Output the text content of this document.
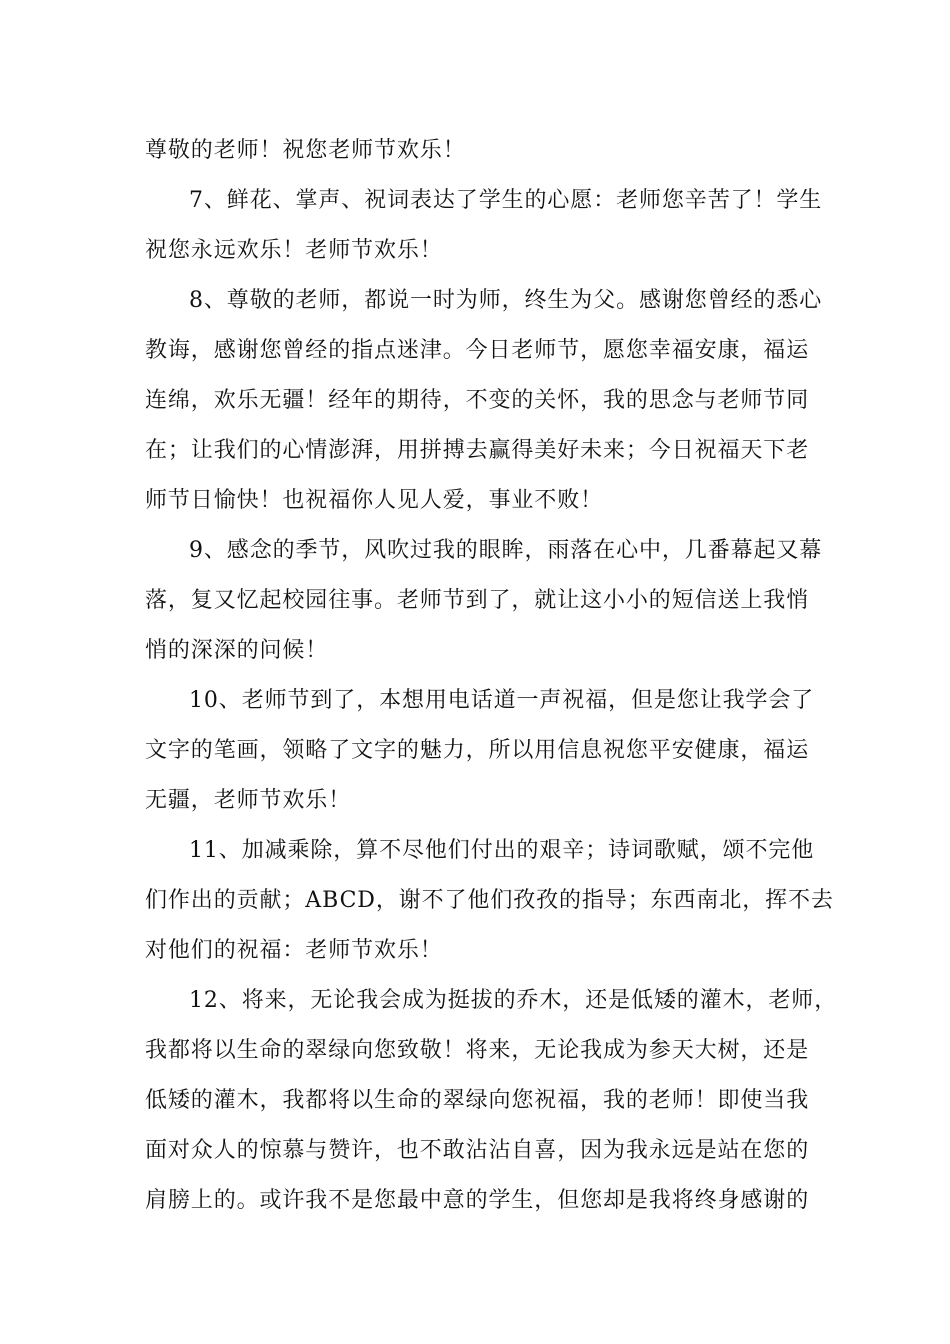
尊敬的老师！祝您老师节欢乐！
7、鲜花、掌声、祝词表达了学生的心愿：老师您辛苦了！学生
祝您永远欢乐！老师节欢乐！
8、尊敬的老师，都说一时为师，终生为父。感谢您曾经的悉心
教诲，感谢您曾经的指点迷津。今日老师节，愿您幸福安康，福运
连绵，欢乐无疆！经年的期待，不变的关怀，我的思念与老师节同
在；让我们的心情澎湃，用拼搏去赢得美好未来；今日祝福天下老
师节日愉快！也祝福你人见人爱，事业不败！
9、感念的季节，风吹过我的眼眸，雨落在心中，几番幕起又幕
落，复又忆起校园往事。老师节到了，就让这小小的短信送上我悄
悄的深深的问候！
10、老师节到了，本想用电话道一声祝福，但是您让我学会了
文字的笔画，领略了文字的魅力，所以用信息祝您平安健康，福运
无疆，老师节欢乐！
11、加减乘除，算不尽他们付出的艰辛；诗词歌赋，颂不完他
们作出的贡献；ABCD，谢不了他们孜孜的指导；东西南北，挥不去
对他们的祝福：老师节欢乐！
12、将来，无论我会成为挺拔的乔木，还是低矮的灌木，老师，
我都将以生命的翠绿向您致敬！将来，无论我成为参天大树，还是
低矮的灌木，我都将以生命的翠绿向您祝福，我的老师！即使当我
面对众人的惊慕与赞许，也不敢沾沾自喜，因为我永远是站在您的
肩膀上的。或许我不是您最中意的学生，但您却是我将终身感谢的
